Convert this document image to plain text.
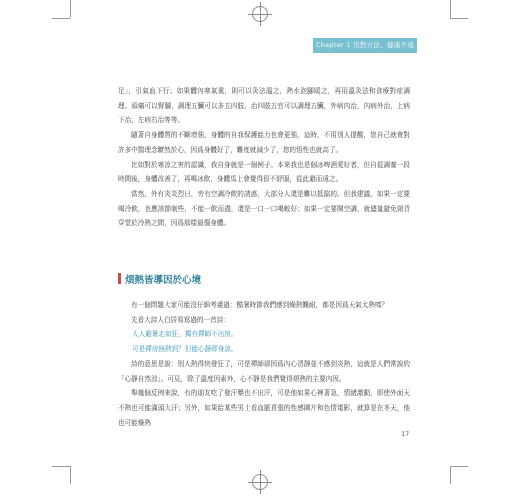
Chapter 1 用對方法，健康不遠

足」，引氣血下行；如果體內寒氣重，則可以灸法溫之，熱水泡腳暖之，再用溫灸法和食療對症調理。頭痛可以腎腳，調理五臟可以多五四肢，治四肢五官可以調理五臟，外病內治，內病外治，上病下治，左病右治等等。

隨著自身體質的不斷增強，身體的自我保護能力也會更強，這時，不用別人提醒，您自己就會對許多中醫理念瞭然於心，因爲身體好了，難度就減少了，您的悟性也就高了。

比如對於寒涼之害的認識，我自身就是一個例子。本來我也是個冰啤酒愛好者，但自從調養一段時間後，身體改善了，再喝冰飲，身體馬上會覺得很不舒服，從此避而遠之。

當然，外有炎炎烈日，旁有空調冷飲的誘惑，大部分人還是難以抵擋的。但我建議，如果一定要喝冷飲，也應該節制些，不能一飲而盡，還是一口一口喝較好；如果一定要開空調，就儘量避免頸背穿堂於冷熱之間，因爲那樣最傷身體。

煩熱皆導因於心境

有一個問題大家可能沒仔細考慮過：酷暑時節我們感到燥熱難耐，都是因爲天氣太熱嗎？

先看大詩人白居易寫過的一首詩：

人人避暑走如狂，獨有禪師不出房。

可是禪房無熱到？但能心靜即身涼。

詩的意思是說：別人熱得快發狂了，可是禪師卻因爲內心清靜並不感到炎熱，這就是人們常說的「心靜自然涼」。可見，除了溫度因素外，心不靜是我們覺得煩熱的主要內因。

舉幾個反例來說，有的朋友吃了發汗藥也不出汗，可是他如果心裡著急，情緒激動，即使外面天不熱也可能滿頭大汗；另外，如果給某些男士看血脈賁張的性感圖片和色情電影，就算是在冬天，他也可能燥熱

17
